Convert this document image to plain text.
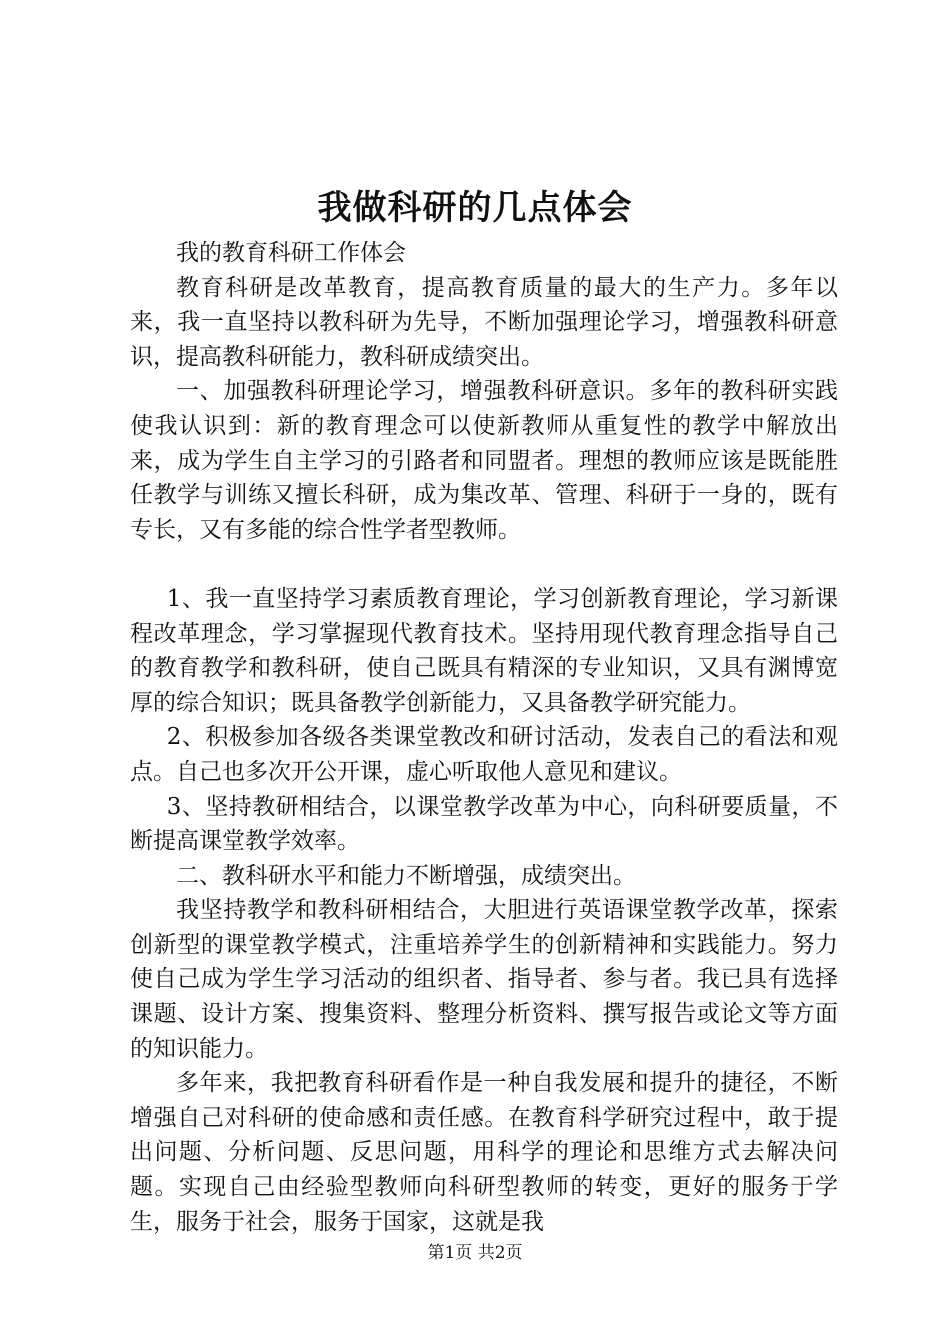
我做科研的几点体会

我的教育科研工作体会

教育科研是改革教育，提高教育质量的最大的生产力。多年以来，我一直坚持以教科研为先导，不断加强理论学习，增强教科研意识，提高教科研能力，教科研成绩突出。

一、加强教科研理论学习，增强教科研意识。多年的教科研实践使我认识到：新的教育理念可以使新教师从重复性的教学中解放出来，成为学生自主学习的引路者和同盟者。理想的教师应该是既能胜任教学与训练又擅长科研，成为集改革、管理、科研于一身的，既有专长，又有多能的综合性学者型教师。

1、我一直坚持学习素质教育理论，学习创新教育理论，学习新课程改革理念，学习掌握现代教育技术。坚持用现代教育理念指导自己的教育教学和教科研，使自己既具有精深的专业知识，又具有渊博宽厚的综合知识；既具备教学创新能力，又具备教学研究能力。

2、积极参加各级各类课堂教改和研讨活动，发表自己的看法和观点。自己也多次开公开课，虚心听取他人意见和建议。

3、坚持教研相结合，以课堂教学改革为中心，向科研要质量，不断提高课堂教学效率。

二、教科研水平和能力不断增强，成绩突出。

我坚持教学和教科研相结合，大胆进行英语课堂教学改革，探索创新型的课堂教学模式，注重培养学生的创新精神和实践能力。努力使自己成为学生学习活动的组织者、指导者、参与者。我已具有选择课题、设计方案、搜集资料、整理分析资料、撰写报告或论文等方面的知识能力。

多年来，我把教育科研看作是一种自我发展和提升的捷径，不断增强自己对科研的使命感和责任感。在教育科学研究过程中，敢于提出问题、分析问题、反思问题，用科学的理论和思维方式去解决问题。实现自己由经验型教师向科研型教师的转变，更好的服务于学生，服务于社会，服务于国家，这就是我

第1页 共2页
